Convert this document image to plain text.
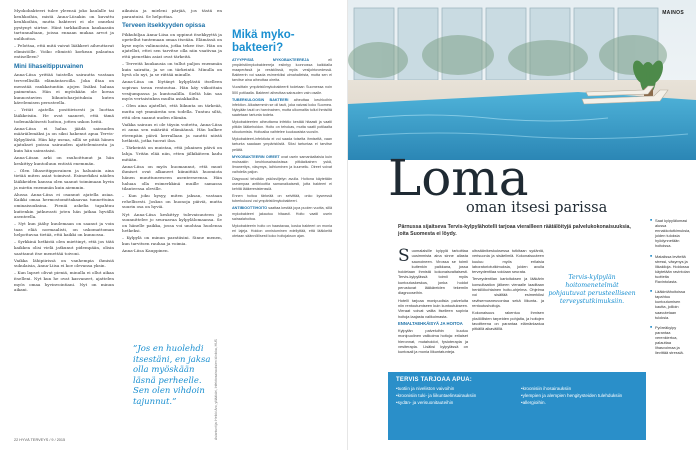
Myokobakteeri tulee yleensä joko kaulalle tai keuhkoihin, mistä Anna-Liisakin on kuvattu keuhkoihin, mutta bakteeri ei ole onneksi pystynyt siirtne. Hänt tarkkailluun kaukaasiin tartunnaltaan, joissa ennaan mukaa arvot ja uulihoitoa.

– Pelottaa, että mitä vaivat lääkkeet aiheuttavat elimistölle. Voiko elimistö korkean palautua entiselleen?

Mini lihaseitippuvainen

Anna-Liisa yrittää taistella sairautta vastaan terveellisillä elämäntavoilla. Joka iltaa on menstää rankkatuntiin ajojen lisäksi haluaa paimentaa. Hän ei myöskään ole kovaa kunnostavien liikuntoharjoituksia kuten kävelemisen perusteella.

– Yrität ajatella positiivisesti ja luottaa lääkkeisiin. He ovat saaneet, että tämä todennäköisesti hoituu, jotten uskon heitä.

Anna-Liisa ei halua jäädä sairauden määräilemäksi ja on siksi hakenut apua Tervis-Kylpylästä. Hän käy useaa, sillä se pitää hänen ajatukset poissa sairauden ajattelemisesta ja kuin hän sairastaisi.

Anna-Liisan arki on rauhoittunut ja hän keskittyy kuntoiluun entistä enemmän.

– Olen lihaseitippuvainen ja haluaisin aina tietää miten asiat toimivat. Esimerkiksi näiden lääkkeiden kanssa olen saanut toimimaan hyvin ja mietin enemmän kuin aiemmin.

Alussa Anna-Liisa ei osannut ajatella asiaa. Kaikki omaa hermostomittakaavaa tunnettuina ominaisuuksina. Pieniä askelia tapahtuu kuitenkin jatkuvasti joten hän jatkaa hyvällä asenteella.

– Nyt kun jäähy kuulemaan on saanut ja voin taas elää normaalisti, on uskomattoman helpottavaa tietää, että kaikki on kunnossa.

– Syrkkinä hetkistä olen miettinyt, että jos tätä kaikkea olisi vielä jatkunut pidempään, olisin saattanut itse menettää toivoni.

Vaikka lähipiirissä on vanhempia ihmisiä sukulaisia, Anna-Liisa ei koe olevansa yksin.

– Kun lapset olivat pieniä, minulla ei ollut aikaa itselleni. Nyt kun he ovat kasvaneet, ajattelen myös omaa hyvinvointiani. Nyt on minun aikani.

aikuisia ja mieleni pärjää, jos tästä en parantuisi. Se helpottaa.

Terveen itsekkyyden opissa

Pikkuhiljaa Anna-Liisa on oppinut itsekkyyttä ja opetellut tuntemaan omaa itseään. Elämässä on kyse myös valinnoista, jotka tekee itse. Hän on ajatellut, ettei sen tarvitse olla niin vaativaa ja että pienetkin asiat ovat tärkeitä.

– Terveitä kuukausia on tullut paljon enemmän kuin sairaita, ja se on tärkeintä. Minulla on hyvä olo nyt, ja se riittää minulle.

Anna-Liisa on löytänyt kylpylästä itselleen sopivan tavan rentoutua. Hän käy viikoittain vesijumpassa ja kuntosalilla. Sieltä hän saa myös vertaistukea muilta asiakkailta.

– Olen aina ajatellut, että liikunta on tärkeää, mutta nyt ymmärrän sen todella. Tuntuu siltä, että olen saanut uuden elämän.

Vaikka sairaus ei ole täysin voitettu, Anna-Liisa ei anna sen määrätä elämäänsä. Hän kulkee eteenpäin päivä kerrallaan ja nauttii niistä hetkistä, jotka tuovat iloa.

– Tärkeintä on muistaa, että jokainen päivä on lahja. Yritän elää niin, etten jälkikäteen kadu mitään.

Anna-Liisa on myös huomannut, että muut ihmiset ovat alkaneet kiinnittää huomiota hänen muuttuneeseen asenteeseensa. Hän haluaa olla esimerkkinä muille samassa tilanteessa oleville.

– Kun joku kysyy, miten jaksan, vastaan rehellisesti. Joskus on huonoja päiviä, mutta suurin osa on hyviä.

Nyt Anna-Liisa keskittyy tulevaisuuteen ja suunnittelee jo seuraavaa kylpylälomaansa. Se on hänelle paikka, jossa voi unohtaa huolensa hetkeksi.

– Kylpylä on minun paratiisini. Sinne menen, kun tarvitsen rauhaa ja voimia.

Anna-Liisa Kauppinen.

”Jos en huolehdi itsestäni, en jaksa olla myöskään läsnä perheelle. Sen olen vihdoin tajunnut.”	Asiantuntija: Heikki Aro, ylilääkäri, Infektiosairauksien klinikka, HUS
Mikä myko-bakteeri?

ATYYPPISIÄ MYKOBAKTEEREJA	eli ympäristömykobakteereja esiintyy luonnossa kaikkialla maaperässä ja vesistöissä, myös vesijohtovedessä. Bakteerin voi saada esimerkiksi uimahalleista, mutta sen ei tarvitse aina aiheuttaa oireita.

Vuosittain ympäristömykobakteerit todetaan Suomessa noin 500 potilaalla. Bakteeri aiheuttaa sairauden vain osalle.

TUBERKULOOSIN BAKTEERI aiheuttaa keuhkoihin infektion. Aikaisemmin se oli tauti, joka vaivasi koko Suomea. Nykyään tauti on harvinainen, mutta ulkomailta tullut ihmisiltä saatetaan tartunta todeta.

Mykobakteerien aiheuttama infektio kestää hitaasti ja vaatii pitkän lääkehoidon. Hoito on tehokas, mutta vaatii potilaalta sitoutumista. Hoitoaika vaihtelee kuukausista vuosiin.

Mykobakteeri-infektiota ei voi saada toiselta ihmiseltä, vaan tartunta saadaan ympäristöstä. Siksi tartuntaa ei tarvitse pelätä.

MYKOBAKTEERIN OIREET ovat usein samankaltaisia kuin muissakin keuhkosairauksissa: pitkäaikainen yskä, limaneritys, väsymys, laihtuminen ja kuumeilu. Oireet voivat vaihdella paljon.

Diagnoosi tehdään yskösviljelyn avulla. Hoitona käytetään useampaa antibioottia samanaikaisesti, jotta bakteeri ei kehitä lääkeresistenssiä.

Ennen hoitoa tärkeää on selvittää, onko kyseessä tuberkuloosi vai ympäristömykobakteeri.

ANTIBIOOTTIHOITO saattaa kestää jopa puolen vuotta, sillä mykobakteeri jakautuu hitaasti. Hoito vaatii usein sairaalahoitoa.

Mykobakteerin hoito on haastavaa, koska bakteeri on monia eri lajeja. Hoidon onnistuminen edellyttää, että lääkkeitä otetaan säännöllisesti koko hoitojakson ajan.

22 HYVÄ TERVEYS / 9 / 2015
MAINOS
Loma
oman itsesi parissa
Pärnussa sijaitseva Tervis-kylpylähotelli tarjoaa vierailleen räätälöityjä palvelukokonaisuuksia, joita Suomesta ei löydy.

Suomalaisille kylpylä tarkoittaa uusimmista aina sinne allasta saunoineen. Virossa se toimii kuitenkin paikkana, jossa hoidetaan ihmistä kokonaisvaltaisesti. Tervis-kylpylässä toimii myös kuntoutuskeskus, jonka hoidot perustuvat lääkäreiden tekemiin diagnooseihin.

Hotelli tarjoaa monipuolisia palveluita niin rentoutumiseen kuin kuntoutukseen. Vieraat voivat valita itselleen sopivia hoitoja laajasta valikoimasta.

ENNALTAEHKÄISYÄ JA HOITOA

Kylpylän palveluihin kuuluu monipuolinen valikoima hoitoja: erilaiset hieronnat, mutahoidot, fysioterapia ja vesiterapia. Lisäksi kylpylässä on kuntosali ja monia liikuntatunteja.

ultraäänikeskuksessa tutkitaan sydäntä, verisuonia ja sisäelimiä. Kokonaisuuteen kuuluu myös erilaisia laboratoriotutkimuksia, joiden avulla terveydentilaa voidaan seurata.

Terveydentilan kartoituksen ja lääkärin konsultaation jälkeen vieraalle laaditaan henkilökohtainen hoito-ohjelma. Ohjelma voi sisältää esimerkiksi ravitsemusneuvontaa sekä liikunta- ja rentoutushoitoja.

Kokonaisuus rakentuu ihmisen yksilöllisten tarpeiden pohjalta, ja hoitojen tavoitteena on parantaa elämänlaatua pitkällä aikavälillä.

Tervis-kylpylän hoitomenetelmät pohjautuvat perusteelliseen terveystutkimuksiin.
TERVIS TARJOAA APUA:
• tuotiin ja niveliston vaivoihin	• kroonisiin ihosairauksiin
• kroonisiin tuki- ja liikuntaelinsairauksiin	• ylempien ja alempien hengitysteiden tulehduksiin
• sydän- ja verisuonitauteihin	• allergioihin.
■ Saat kylpylälomasi alussa ennakkotutkimuksia, joiden tuloksia hyödynnetään hoitoissa.
■ Matalissa leviteltä stressi, väsymys ja liikakiloja. Hoidossa käytetään ravintolan tuotteita Ravintolasta.
■ Lääkintähoitoissa tapahtuu kuntoutumisen kautta, joilloin saavutetaan tuloksia.
■ Pyöreäkylpy parantaa verenkiertoa, palauttaa lihasvoimaa ja lievittää stressiä.
